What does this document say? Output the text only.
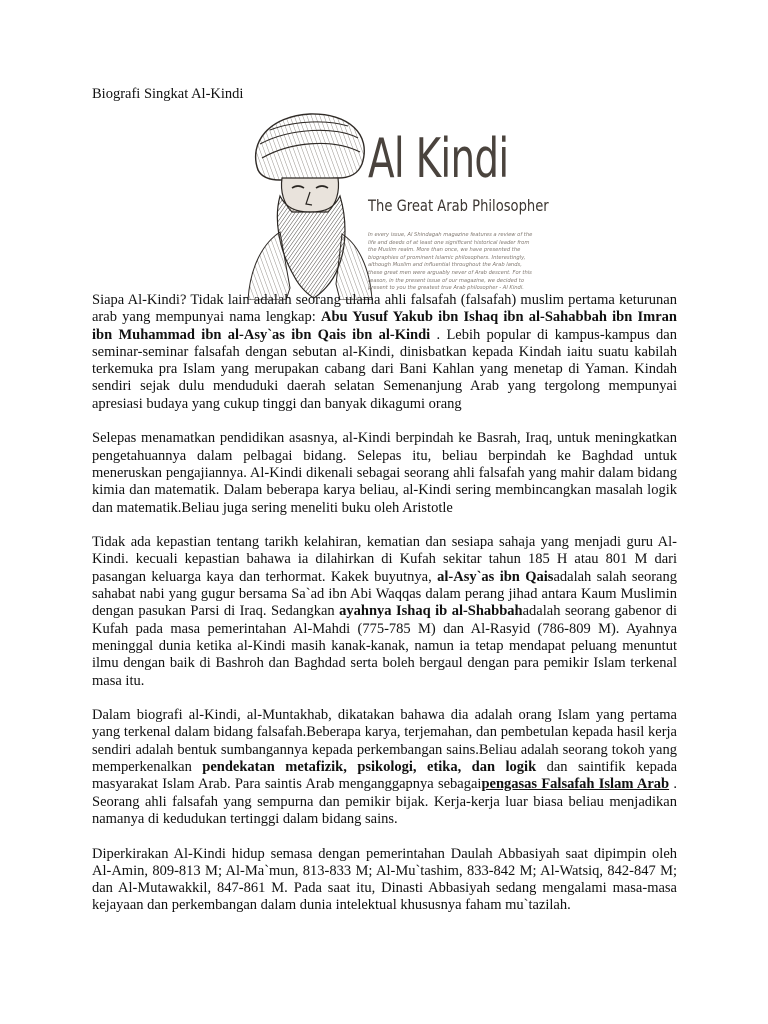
Biografi Singkat Al-Kindi
Al Kindi
The Great Arab Philosopher
In every issue, Al Shindagah magazine features a review of the life and deeds of at least one significant historical leader from the Muslim realm. More than once, we have presented the biographies of prominent Islamic philosophers. Interestingly, although Muslim and influential throughout the Arab lands, these great men were arguably never of Arab descent. For this reason, in the present issue of our magazine, we decided to present to you the greatest true Arab philosopher - Al Kindi.

Siapa Al-Kindi? Tidak lain adalah seorang ulama ahli falsafah (falsafah) muslim pertama keturunan arab yang mempunyai nama lengkap: Abu Yusuf Yakub ibn Ishaq ibn al-Sahabbah ibn Imran ibn Muhammad ibn al-Asy`as ibn Qais ibn al-Kindi . Lebih popular di kampus-kampus dan seminar-seminar falsafah dengan sebutan al-Kindi, dinisbatkan kepada Kindah iaitu suatu kabilah terkemuka pra Islam yang merupakan cabang dari Bani Kahlan yang menetap di Yaman. Kindah sendiri sejak dulu menduduki daerah selatan Semenanjung Arab yang tergolong mempunyai apresiasi budaya yang cukup tinggi dan banyak dikagumi orang

Selepas menamatkan pendidikan asasnya, al-Kindi berpindah ke Basrah, Iraq, untuk meningkatkan pengetahuannya dalam pelbagai bidang. Selepas itu, beliau berpindah ke Baghdad untuk meneruskan pengajiannya. Al-Kindi dikenali sebagai seorang ahli falsafah yang mahir dalam bidang kimia dan matematik. Dalam beberapa karya beliau, al-Kindi sering membincangkan masalah logik dan matematik.Beliau juga sering meneliti buku oleh Aristotle

Tidak ada kepastian tentang tarikh kelahiran, kematian dan sesiapa sahaja yang menjadi guru Al-Kindi. kecuali kepastian bahawa ia dilahirkan di Kufah sekitar tahun 185 H atau 801 M dari pasangan keluarga kaya dan terhormat. Kakek buyutnya, al-Asy`as ibn Qaisadalah salah seorang sahabat nabi yang gugur bersama Sa`ad ibn Abi Waqqas dalam perang jihad antara Kaum Muslimin dengan pasukan Parsi di Iraq. Sedangkan ayahnya Ishaq ib al-Shabbahadalah seorang gabenor di Kufah pada masa pemerintahan Al-Mahdi (775-785 M) dan Al-Rasyid (786-809 M). Ayahnya meninggal dunia ketika al-Kindi masih kanak-kanak, namun ia tetap mendapat peluang menuntut ilmu dengan baik di Bashroh dan Baghdad serta boleh bergaul dengan para pemikir Islam terkenal masa itu.

Dalam biografi al-Kindi, al-Muntakhab, dikatakan bahawa dia adalah orang Islam yang pertama yang terkenal dalam bidang falsafah.Beberapa karya, terjemahan, dan pembetulan kepada hasil kerja sendiri adalah bentuk sumbangannya kepada perkembangan sains.Beliau adalah seorang tokoh yang memperkenalkan pendekatan metafizik, psikologi, etika, dan logik dan saintifik kepada masyarakat Islam Arab. Para saintis Arab menganggapnya sebagaipengasas Falsafah Islam Arab . Seorang ahli falsafah yang sempurna dan pemikir bijak. Kerja-kerja luar biasa beliau menjadikan namanya di kedudukan tertinggi dalam bidang sains.

Diperkirakan Al-Kindi hidup semasa dengan pemerintahan Daulah Abbasiyah saat dipimpin oleh Al-Amin, 809-813 M; Al-Ma`mun, 813-833 M; Al-Mu`tashim, 833-842 M; Al-Watsiq, 842-847 M; dan Al-Mutawakkil, 847-861 M. Pada saat itu, Dinasti Abbasiyah sedang mengalami masa-masa kejayaan dan perkembangan dalam dunia intelektual khususnya faham mu`tazilah.
